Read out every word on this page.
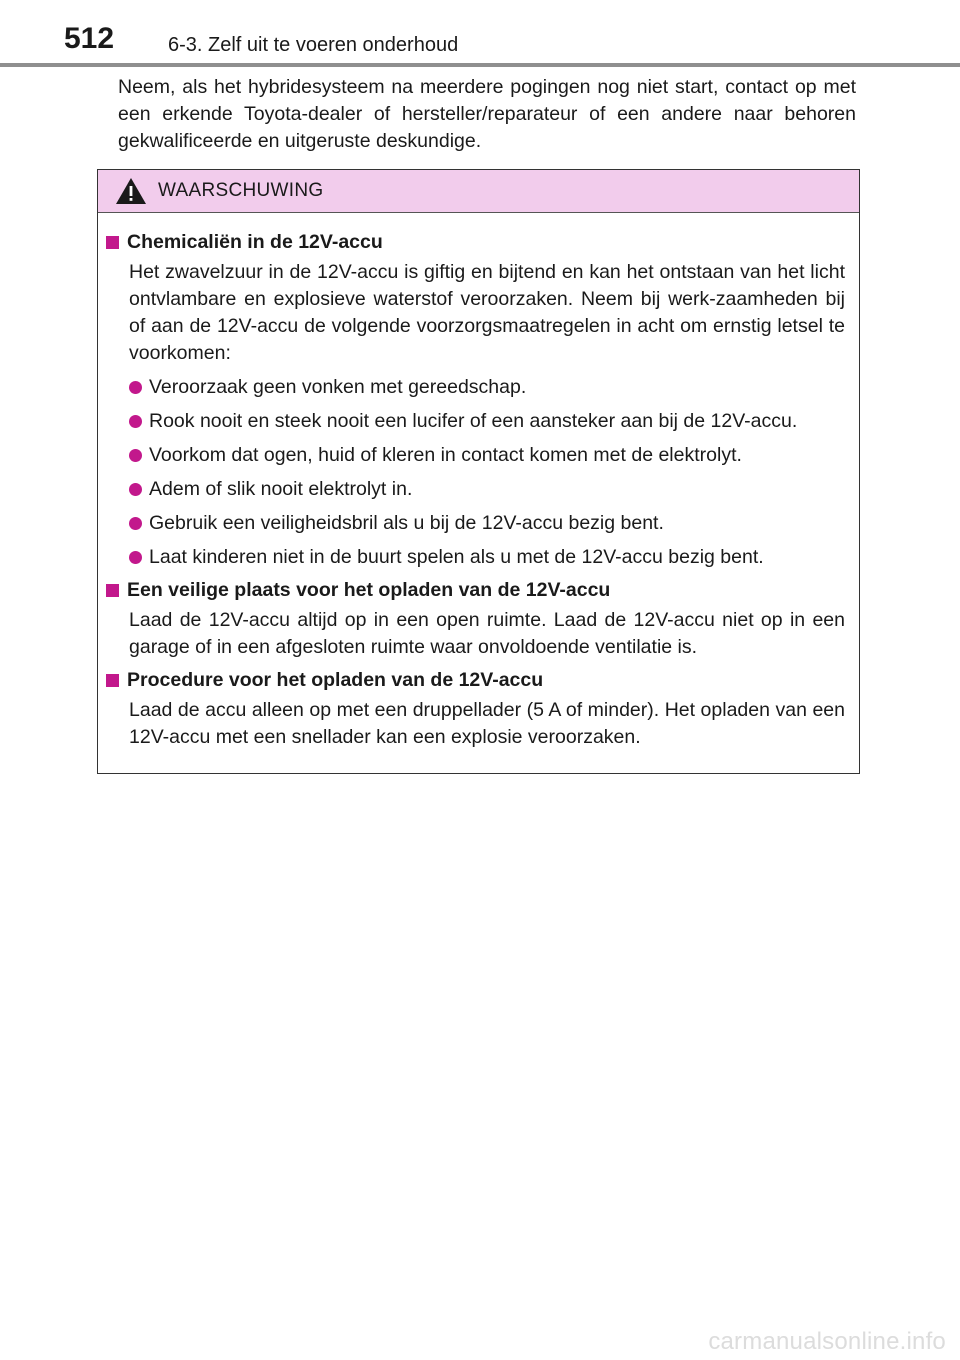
512	6-3. Zelf uit te voeren onderhoud

Neem, als het hybridesysteem na meerdere pogingen nog niet start, contact op met een erkende Toyota-dealer of hersteller/reparateur of een andere naar behoren gekwalificeerde en uitgeruste deskundige.

WAARSCHUWING
Chemicaliën in de 12V-accu

Het zwavelzuur in de 12V-accu is giftig en bijtend en kan het ontstaan van het licht ontvlambare en explosieve waterstof veroorzaken. Neem bij werk-zaamheden bij of aan de 12V-accu de volgende voorzorgsmaatregelen in acht om ernstig letsel te voorkomen:

Veroorzaak geen vonken met gereedschap.
Rook nooit en steek nooit een lucifer of een aansteker aan bij de 12V-accu.
Voorkom dat ogen, huid of kleren in contact komen met de elektrolyt.
Adem of slik nooit elektrolyt in.
Gebruik een veiligheidsbril als u bij de 12V-accu bezig bent.
Laat kinderen niet in de buurt spelen als u met de 12V-accu bezig bent.
Een veilige plaats voor het opladen van de 12V-accu

Laad de 12V-accu altijd op in een open ruimte. Laad de 12V-accu niet op in een garage of in een afgesloten ruimte waar onvoldoende ventilatie is.

Procedure voor het opladen van de 12V-accu

Laad de accu alleen op met een druppellader (5 A of minder). Het opladen van een 12V-accu met een snellader kan een explosie veroorzaken.

carmanualsonline.info
